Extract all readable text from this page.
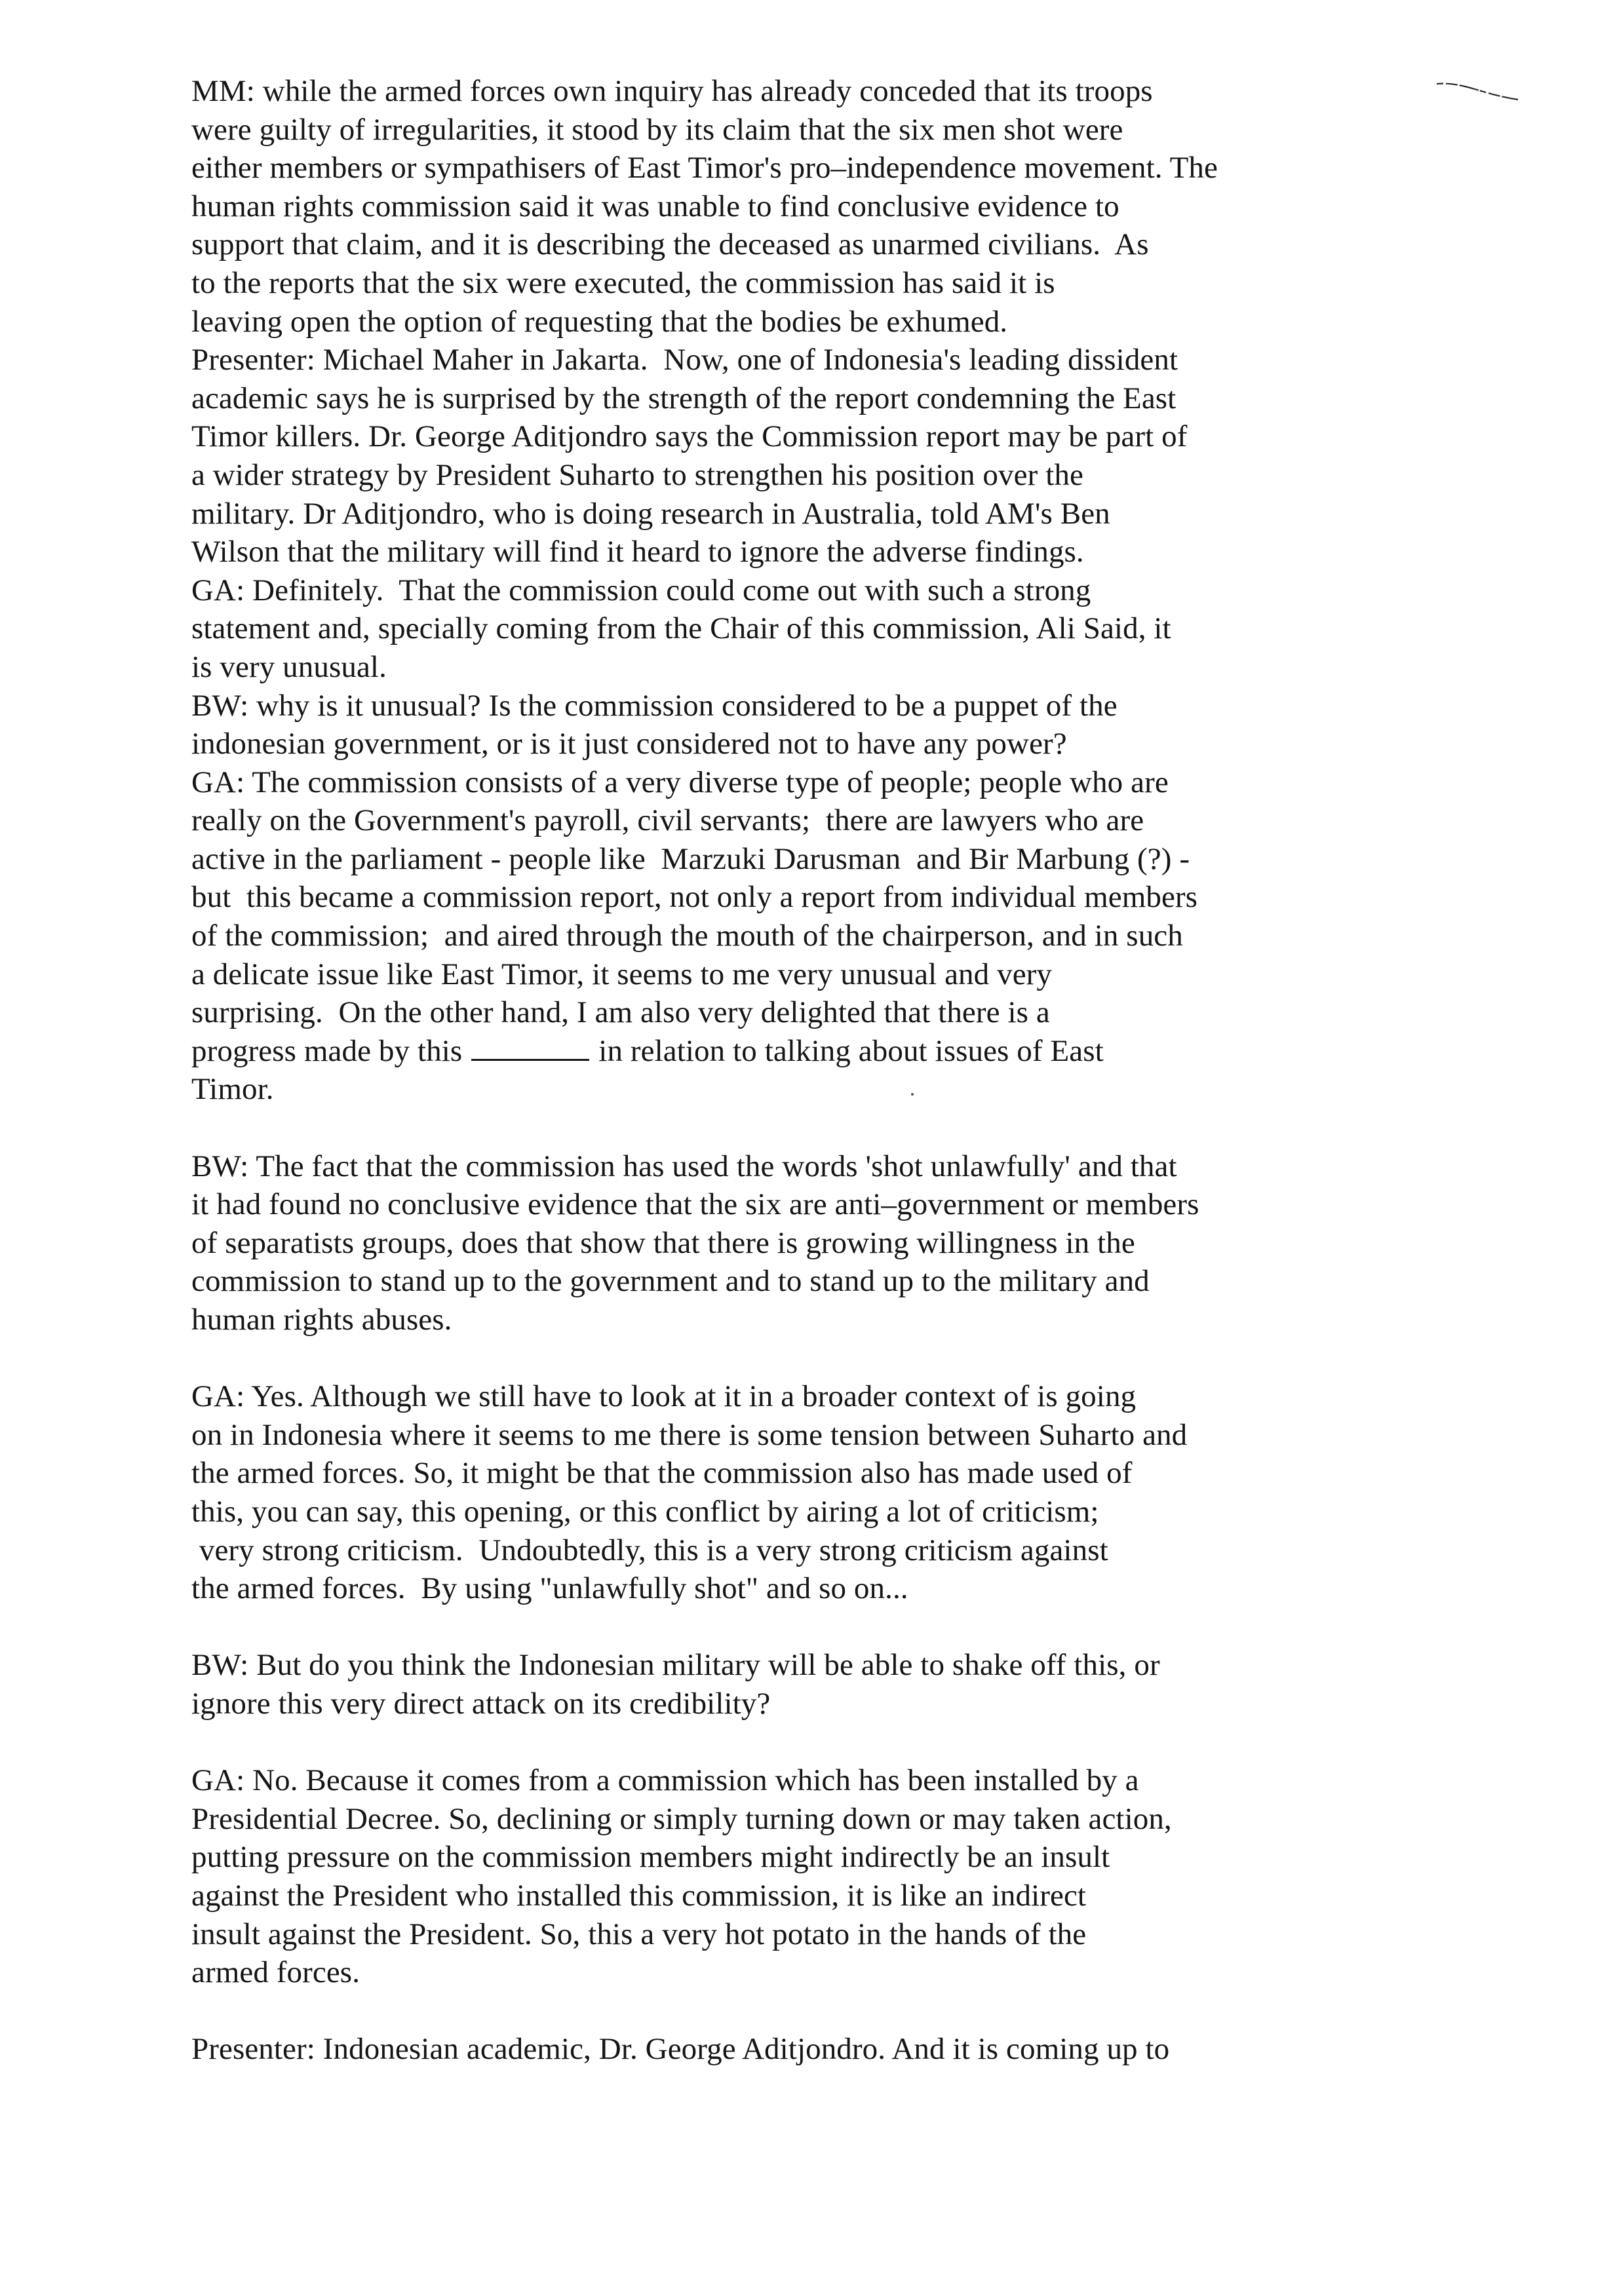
MM: while the armed forces own inquiry has already conceded that its troops
were guilty of irregularities, it stood by its claim that the six men shot were
either members or sympathisers of East Timor's pro–independence movement. The
human rights commission said it was unable to find conclusive evidence to
support that claim, and it is describing the deceased as unarmed civilians.  As
to the reports that the six were executed, the commission has said it is
leaving open the option of requesting that the bodies be exhumed.
Presenter: Michael Maher in Jakarta.  Now, one of Indonesia's leading dissident
academic says he is surprised by the strength of the report condemning the East
Timor killers. Dr. George Aditjondro says the Commission report may be part of
a wider strategy by President Suharto to strengthen his position over the
military. Dr Aditjondro, who is doing research in Australia, told AM's Ben
Wilson that the military will find it heard to ignore the adverse findings.
GA: Definitely.  That the commission could come out with such a strong
statement and, specially coming from the Chair of this commission, Ali Said, it
is very unusual.
BW: why is it unusual? Is the commission considered to be a puppet of the
indonesian government, or is it just considered not to have any power?
GA: The commission consists of a very diverse type of people; people who are
really on the Government's payroll, civil servants;  there are lawyers who are
active in the parliament - people like  Marzuki Darusman  and Bir Marbung (?) -
but  this became a commission report, not only a report from individual members
of the commission;  and aired through the mouth of the chairperson, and in such
a delicate issue like East Timor, it seems to me very unusual and very
surprising.  On the other hand, I am also very delighted that there is a
progress made by this	in relation to talking about issues of East
Timor.
BW: The fact that the commission has used the words 'shot unlawfully' and that
it had found no conclusive evidence that the six are anti–government or members
of separatists groups, does that show that there is growing willingness in the
commission to stand up to the government and to stand up to the military and
human rights abuses.
GA: Yes. Although we still have to look at it in a broader context of is going
on in Indonesia where it seems to me there is some tension between Suharto and
the armed forces. So, it might be that the commission also has made used of
this, you can say, this opening, or this conflict by airing a lot of criticism;
very strong criticism.  Undoubtedly, this is a very strong criticism against
the armed forces.  By using "unlawfully shot" and so on...
BW: But do you think the Indonesian military will be able to shake off this, or
ignore this very direct attack on its credibility?
GA: No. Because it comes from a commission which has been installed by a
Presidential Decree. So, declining or simply turning down or may taken action,
putting pressure on the commission members might indirectly be an insult
against the President who installed this commission, it is like an indirect
insult against the President. So, this a very hot potato in the hands of the
armed forces.
Presenter: Indonesian academic, Dr. George Aditjondro. And it is coming up to
